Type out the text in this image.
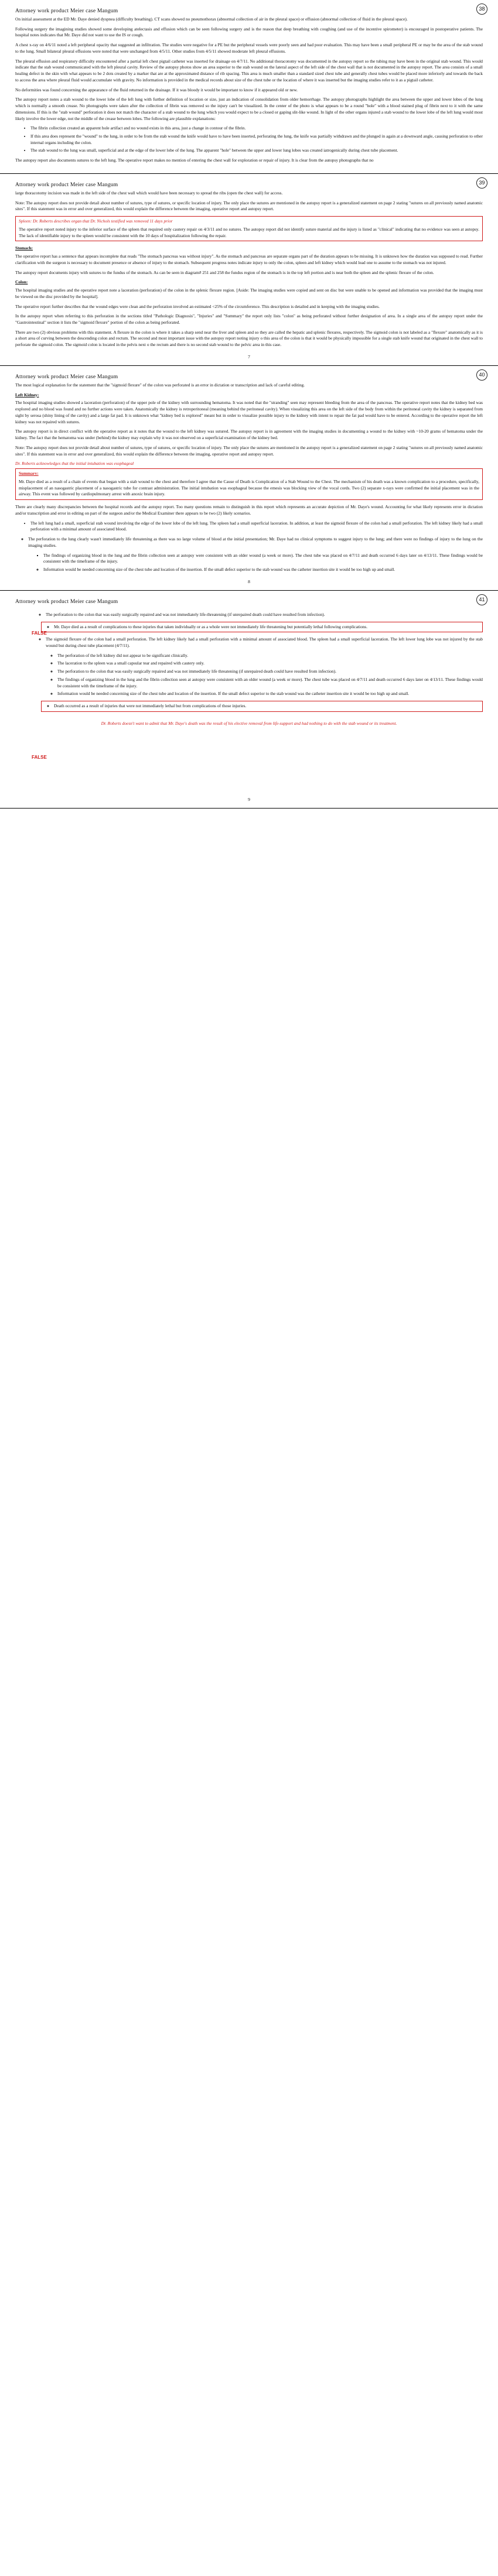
38
Attorney work product Meier case Mangum

On initial assessment at the ED Mr. Daye denied dyspnea (difficulty breathing). CT scans showed no pneumothorax (abnormal collection of air in the pleural space) or effusion (abnormal collection of fluid in the pleural space).

Following surgery the imagining studies showed some developing atelectasis and effusion which can be seen following surgery and is the reason that deep breathing with coughing (and use of the incentive spirometer) is encouraged in postoperative patients. The hospital notes indicates that Mr. Daye did not want to use the IS or cough.

A chest x-ray on 4/6/11 noted a left peripheral opacity that suggested an infiltration. The studies were negative for a PE but the peripheral vessels were poorly seen and had poor evaluation. This may have been a small peripheral PE or may be the area of the stab wound to the lung. Small bilateral pleural effusions were noted that were unchanged from 4/5/11. Other studies from 4/5/11 showed moderate left pleural effusions.

The pleural effusion and respiratory difficulty encountered after a partial left chest pigtail catheter was inserted for drainage on 4/7/11. No additional thoracotomy was documented in the autopsy report so the tubing may have been in the original stab wound. This would indicate that the stab wound communicated with the left pleural cavity. Review of the autopsy photos show an area superior to the stab wound on the lateral aspect of the left side of the chest wall that is not documented in the autopsy report. The area consists of a small healing defect in the skin with what appears to be 2 dots created by a marker that are at the approximated distance of rib spacing. This area is much smaller than a standard sized chest tube and generally chest tubes would be placed more inferiorly and towards the back to access the area where pleural fluid would accumulate with gravity. No information is provided in the medical records about size of the chest tube or the location of where it was inserted but the imaging studies refer to it as a pigtail catheter.

No deformities was found concerning the appearance of the fluid returned in the drainage. If it was bloody it would be important to know if it appeared old or new.

The autopsy report notes a stab wound to the lower lobe of the left lung with further definition of location or size, just an indication of consolidation from older hemorrhage. The autopsy photographs highlight the area between the upper and lower lobes of the lung which is normally a smooth crease. No photographs were taken after the collection of fibrin was removed so the injury can't be visualized. In the center of the photo is what appears to be a round "hole" with a blood stained plug of fibrin next to it with the same dimensions. If this is the "stab wound" perforation it does not match the character of a stab wound to the lung which you would expect to be a closed or gaping slit-like wound. In light of the other organs injured a stab wound to the lower lobe of the left lung would most likely involve the lower edge, not the middle of the crease between lobes. The following are plausible explanations:

• The fibrin collection created an apparent hole artifact and no wound exists in this area, just a change in contour of the fibrin.
• If this area does represent the "wound" to the lung, in order to be from the stab wound the knife would have to have been inserted, perforating the lung, the knife was partially withdrawn and the plunged in again at a downward angle, causing perforation to other internal organs including the colon.
• The stab wound to the lung was small, superficial and at the edge of the lower lobe of the lung. The apparent "hole" between the upper and lower lung lobes was created iatrogenically during chest tube placement.

The autopsy report also documents sutures to the left lung. The operative report makes no mention of entering the chest wall for exploration or repair of injury. It is clear from the autopsy photographs that no

39
Attorney work product Meier case Mangum

large thoracotomy incision was made in the left side of the chest wall which would have been necessary to spread the ribs (open the chest wall) for access.

Note: The autopsy report does not provide detail about number of sutures, type of sutures, or specific location of injury. The only place the sutures are mentioned in the autopsy report is a generalized statement on page 2 stating "sutures on all previously named anatomic sites". If this statement was in error and over generalized, this would explain the difference between the imaging, operative report and autopsy report.

Spleen: Dr. Roberts describes organ that Dr. Nichols testified was removed 11 days prior

The operative report noted injury to the inferior surface of the spleen that required only cautery repair on 4/3/11 and no sutures. The autopsy report did not identify suture material and the injury is listed as "clinical" indicating that no evidence was seen at autopsy. The lack of identifiable injury to the spleen would be consistent with the 10 days of hospitalization following the repair.

Stomach:

The operative report has a sentence that appears incomplete that reads "The stomach pancreas was without injury". As the stomach and pancreas are separate organs part of the duration appears to be missing. It is unknown how the duration was supposed to read. Further clarification with the surgeon is necessary to document presence or absence of injury to the stomach. Subsequent progress notes indicate injury to only the colon, spleen and left kidney which would lead one to assume to the stomach was not injured.

The autopsy report documents injury with sutures to the fundus of the stomach. As can be seen in diagram# 251 and 258 the fundus region of the stomach is in the top left portion and is near both the spleen and the splenic flexure of the colon.

Colon:

The hospital imaging studies and the operative report note a laceration (perforation) of the colon in the splenic flexure region. [Aside: The imaging studies were copied and sent on disc but were unable to be opened and information was provided that the imaging must be viewed on the disc provided by the hospital].

The operative report further describes that the wound edges were clean and the perforation involved an estimated <25% of the circumference. This description is detailed and in keeping with the imaging studies.

In the autopsy report when referring to this perforation in the sections titled "Pathologic Diagnosis", "Injuries" and "Summary" the report only lists "colon" as being perforated without further designation of area. In a single area of the autopsy report under the "Gastrointestinal" section it lists the "sigmoid flexure" portion of the colon as being perforated.

There are two (2) obvious problems with this statement. A flexure in the colon is where it takes a sharp send near the liver and spleen and so they are called the hepatic and splenic flexures, respectively. The sigmoid colon is not labeled as a "flexure" anatomically as it is a short area of curving between the descending colon and rectum. The second and most important issue with the autopsy report noting injury o this area of the colon is that it would be physically impossible for a single stab knife wound that originated in the chest wall to perforate the sigmoid colon. The sigmoid colon is located in the pelvis next o the rectum and there is no second stab wound to the pelvic area in this case.

7
40
Attorney work product Meier case Mangum

The most logical explanation for the statement that the "sigmoid flexure" of the colon was perforated is an error in dictation or transcription and lack of careful editing.

Left Kidney:

The hospital imaging studies showed a laceration (perforation) of the upper pole of the kidney with surrounding hematoma. It was noted that the "stranding" seen may represent bleeding from the area of the pancreas. The operative report notes that the kidney bed was explored and no blood was found and no further actions were taken. Anatomically the kidney is retroperitoneal (meaning behind the peritoneal cavity). When visualizing this area on the left side of the body from within the peritoneal cavity the kidney is separated from sight by serosa (shiny lining of the cavity) and a large fat pad. It is unknown what "kidney bed is explored" meant but in order to visualize possible injury to the kidney with intent to repair the fat pad would have to be entered. According to the operative report the left kidney was not repaired with sutures.

The autopsy report is in direct conflict with the operative report as it notes that the wound to the left kidney was sutured. The autopsy report is in agreement with the imaging studies in documenting a wound to the kidney with ~10-20 grams of hematoma under the kidney. The fact that the hematoma was under (behind) the kidney may explain why it was not observed on a superficial examination of the kidney bed.

Note: The autopsy report does not provide detail about number of sutures, type of sutures, or specific location of injury. The only place the sutures are mentioned in the autopsy report is a generalized statement on page 2 stating "sutures on all previously named anatomic sites". If this statement was in error and over generalized, this would explain the difference between the imaging, operative report and autopsy report.

Dr. Roberts acknowledges that the initial intubation was esophageal

Summary:

Mr. Daye died as a result of a chain of events that began with a stab wound to the chest and therefore I agree that the Cause of Death is Complication of a Stab Wound to the Chest. The mechanism of his death was a known complication to a procedure, specifically, misplacement of an nasogastric placement of a nasogastric tube for contrast administration. The initial intubation was esophageal because the emesis was blocking view of the vocal cords. Two (2) separate x-rays were confirmed the initial placement was in the airway. This event was followed by cardiopulmonary arrest with anoxic brain injury.

There are clearly many discrepancies between the hospital records and the autopsy report. Too many questions remain to distinguish in this report which represents an accurate depiction of Mr. Daye's wound. Accounting for what likely represents error in dictation and/or transcription and error in editing on part of the surgeon and/or the Medical Examiner there appears to be two (2) likely scenarios.

• The left lung had a small, superficial stab wound involving the edge of the lower lobe of the left lung. The spleen had a small superficial laceration. In addition, at least the sigmoid flexure of the colon had a small perforation. The left kidney likely had a small perforation with a minimal amount of associated blood.
◦ The perforation to the lung clearly wasn't immediately life threatening as there was no large volume of blood at the initial presentation; Mr. Daye had no clinical symptoms to suggest injury to the lung; and there were no findings of injury to the lung on the imaging studies.
▪ The findings of organizing blood in the lung and the fibrin collection seen at autopsy were consistent with an older wound (a week or more). The chest tube was placed on 4/7/11 and death occurred 6 days later on 4/13/11. These findings would be consistent with the timeframe of the injury.
◦ Information would be needed concerning size of the chest tube and location of the insertion. If the small defect superior to the stab wound was the catheter insertion site it would be too high up and small.
8
41
Attorney work product Meier case Mangum
◦ The perforation to the colon that was easily surgically repaired and was not immediately life-threatening (if unrepaired death could have resulted from infection).
FALSE
◦ Mr. Daye died as a result of complications to these injuries that taken individually or as a whole were not immediately life threatening but potentially lethal following complications.
◦ The sigmoid flexure of the colon had a small perforation. The left kidney likely had a small perforation with a minimal amount of associated blood. The spleen had a small superficial laceration. The left lower lung lobe was not injured by the stab wound but during chest tube placement (4/7/11).
◦ The perforation of the left kidney did not appear to be significant clinically.
◦ The laceration to the spleen was a small capsular tear and repaired with cautery only.
◦ The perforation to the colon that was easily surgically repaired and was not immediately life threatening (if unrepaired death could have resulted from infection).
◦ The findings of organizing blood in the lung and the fibrin collection seen at autopsy were consistent with an older wound (a week or more). The chest tube was placed on 4/7/11 and death occurred 6 days later on 4/13/11. These findings would be consistent with the timeframe of the injury.
◦ Information would be needed concerning size of the chest tube and location of the insertion. If the small defect superior to the stab wound was the catheter insertion site it would be too high up and small.
FALSE
◦ Death occurred as a result of injuries that were not immediately lethal but from complications of those injuries.
Dr. Roberts doesn't want to admit that Mr. Daye's death was the result of his elective removal from life-support and had nothing to do with the stab wound or its treatment.
9
